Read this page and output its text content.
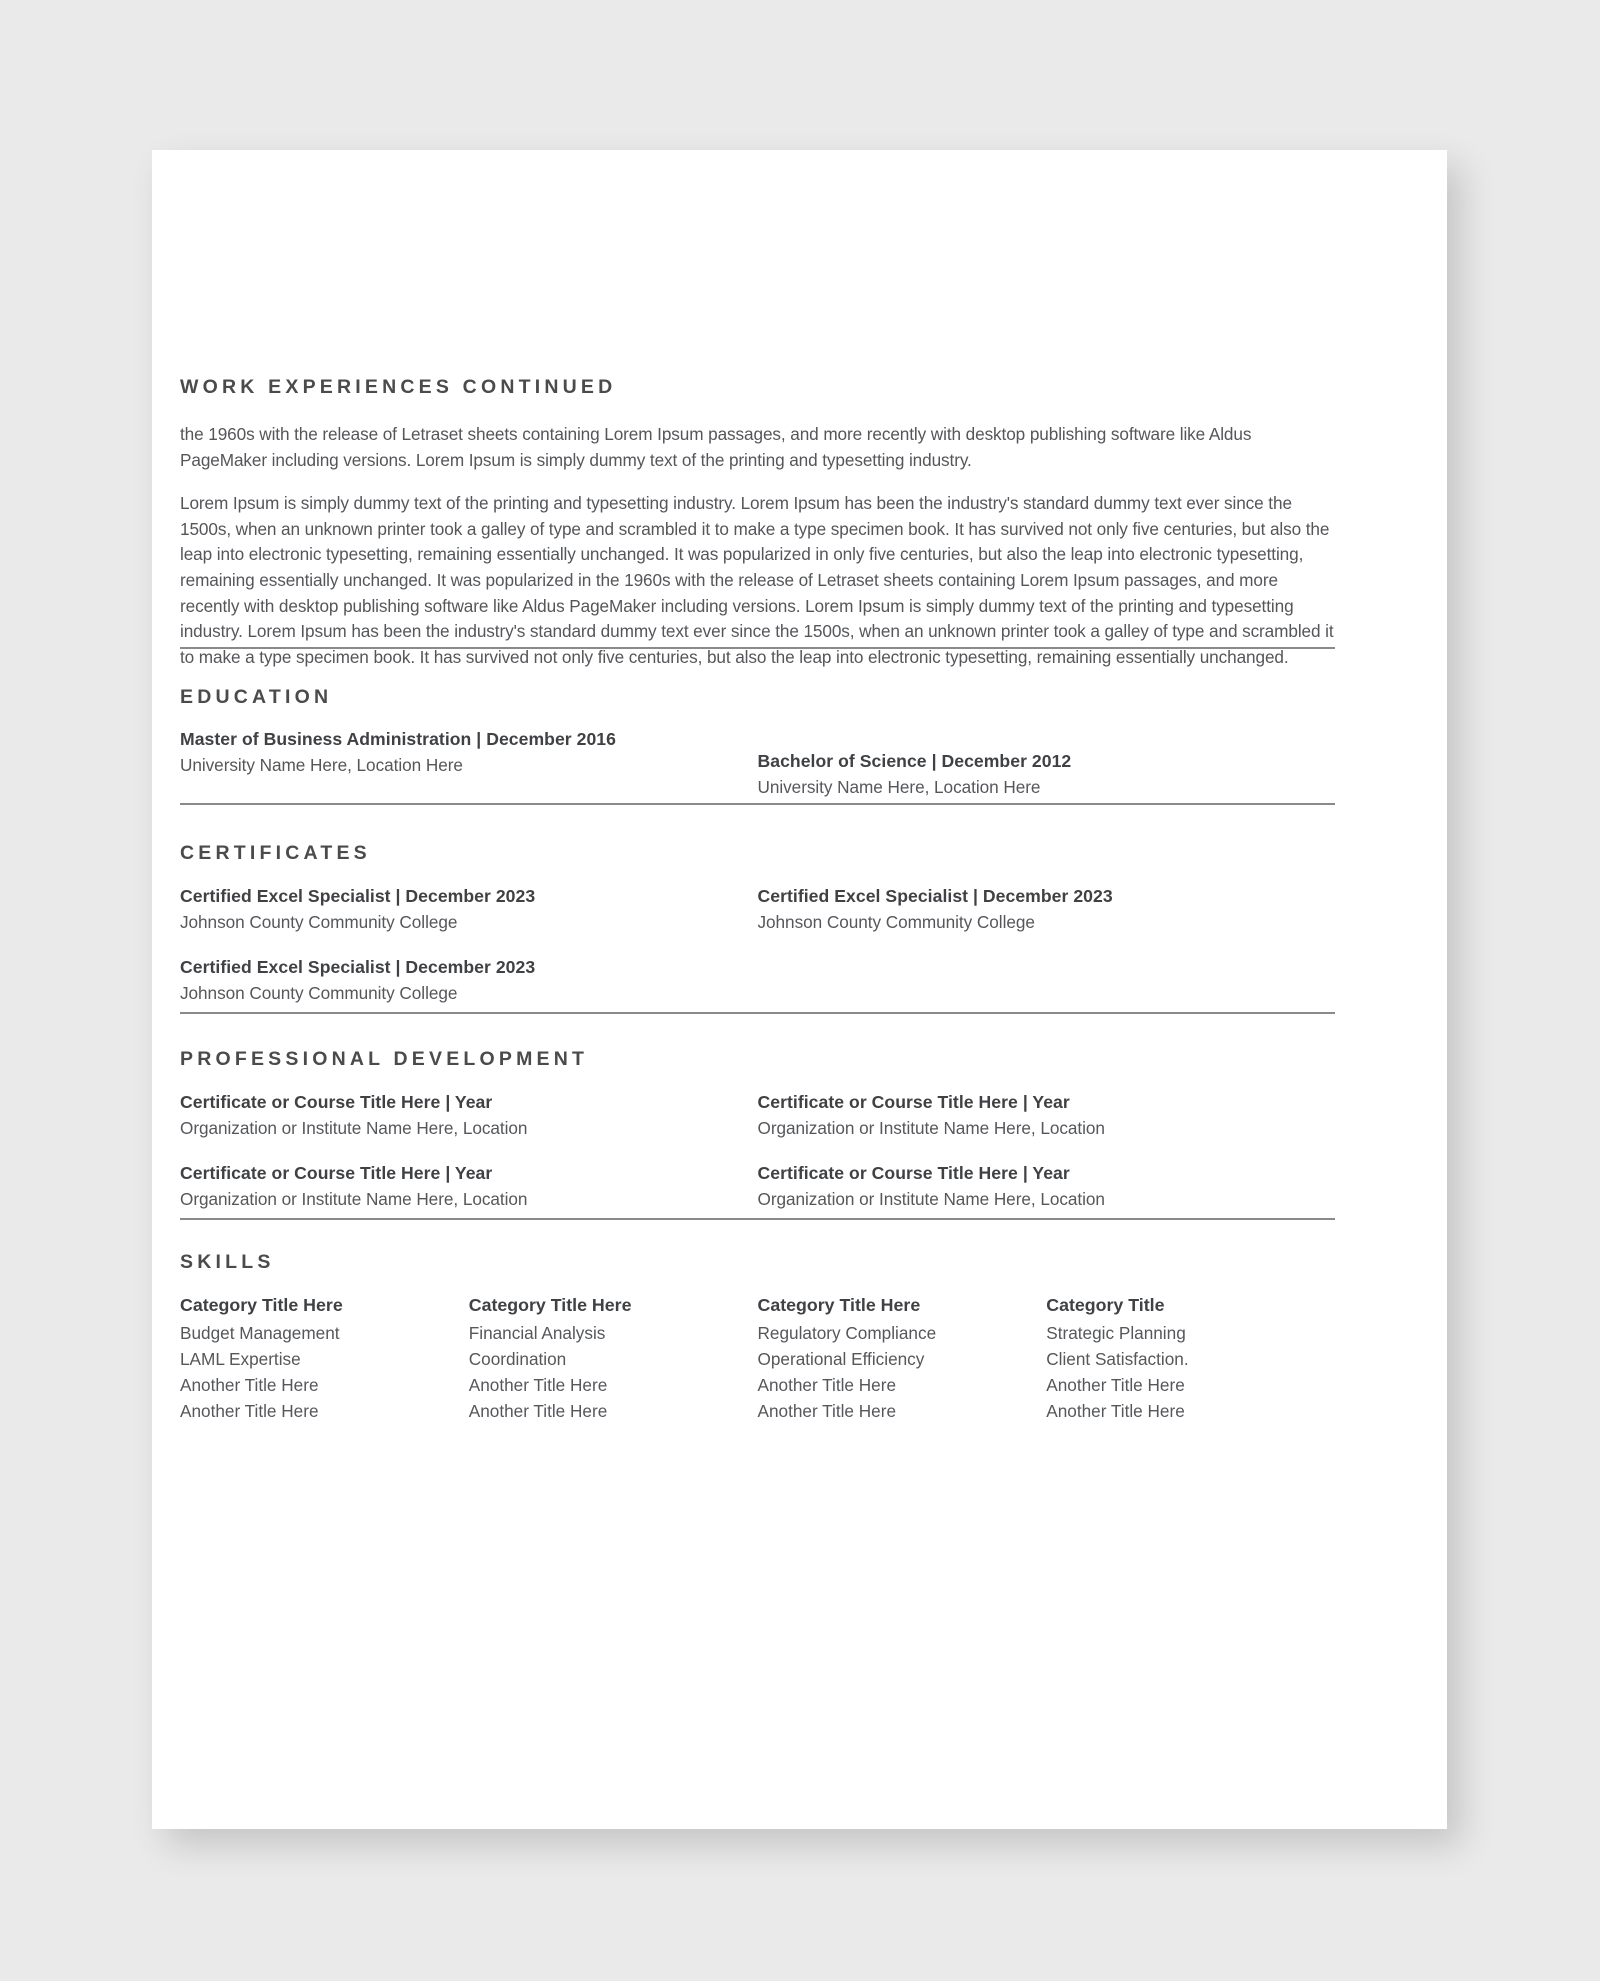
WORK EXPERIENCES CONTINUED

the 1960s with the release of Letraset sheets containing Lorem Ipsum passages, and more recently with desktop publishing software like Aldus PageMaker including versions. Lorem Ipsum is simply dummy text of the printing and typesetting industry.

Lorem Ipsum is simply dummy text of the printing and typesetting industry. Lorem Ipsum has been the industry's standard dummy text ever since the 1500s, when an unknown printer took a galley of type and scrambled it to make a type specimen book. It has survived not only five centuries, but also the leap into electronic typesetting, remaining essentially unchanged. It was popularized in only five centuries, but also the leap into electronic typesetting, remaining essentially unchanged. It was popularized in the 1960s with the release of Letraset sheets containing Lorem Ipsum passages, and more recently with desktop publishing software like Aldus PageMaker including versions. Lorem Ipsum is simply dummy text of the printing and typesetting industry. Lorem Ipsum has been the industry's standard dummy text ever since the 1500s, when an unknown printer took a galley of type and scrambled it to make a type specimen book. It has survived not only five centuries, but also the leap into electronic typesetting, remaining essentially unchanged.

EDUCATION
Master of Business Administration | December 2016
University Name Here, Location Here	Bachelor of Science | December 2012
University Name Here, Location Here
CERTIFICATES
Certified Excel Specialist | December 2023
Johnson County Community College
Certified Excel Specialist | December 2023
Johnson County Community College
Certified Excel Specialist | December 2023
Johnson County Community College
PROFESSIONAL DEVELOPMENT
Certificate or Course Title Here | Year
Organization or Institute Name Here, Location
Certificate or Course Title Here | Year
Organization or Institute Name Here, Location
Certificate or Course Title Here | Year
Organization or Institute Name Here, Location
Certificate or Course Title Here | Year
Organization or Institute Name Here, Location
SKILLS
Category Title Here
Budget Management
LAML Expertise
Another Title Here
Another Title Here
Category Title Here
Financial Analysis
Coordination
Another Title Here
Another Title Here
Category Title Here
Regulatory Compliance
Operational Efficiency
Another Title Here
Another Title Here
Category Title
Strategic Planning
Client Satisfaction.
Another Title Here
Another Title Here
